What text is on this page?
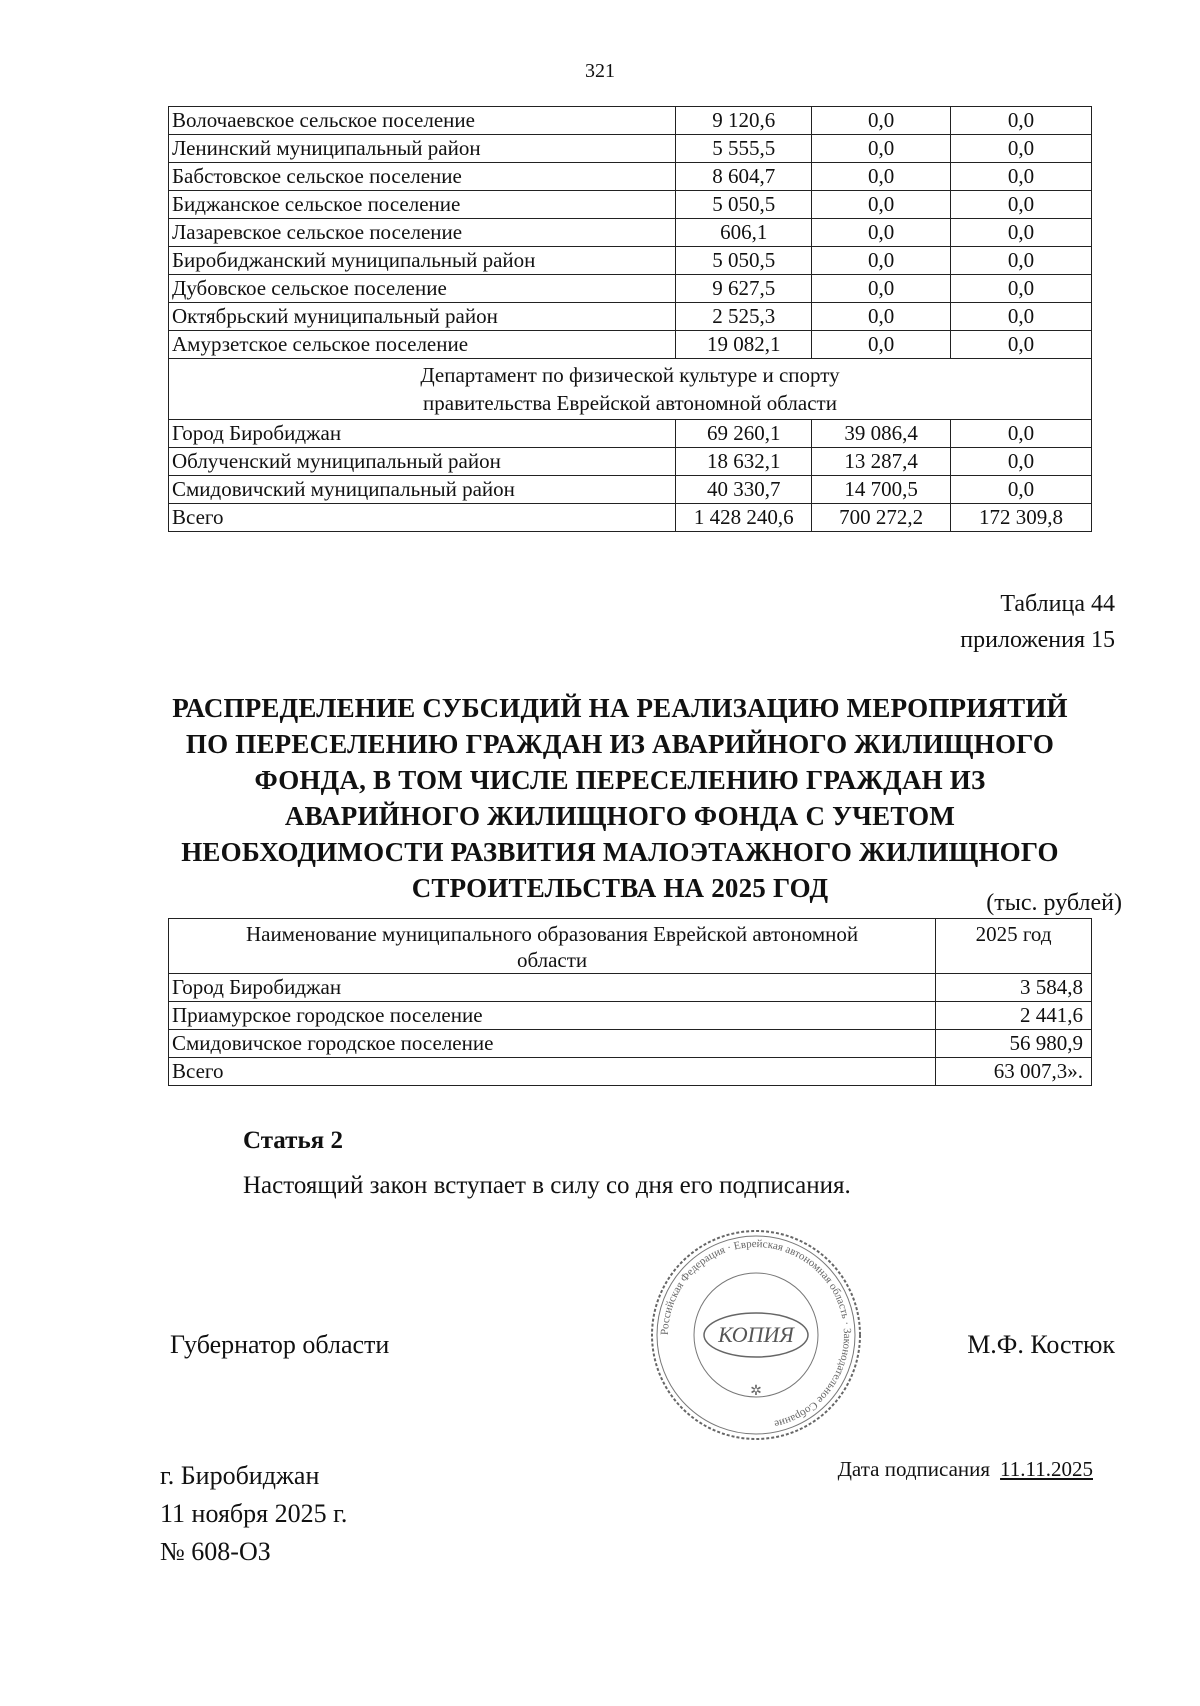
321
Волочаевское сельское поселение	9 120,6	0,0	0,0
Ленинский муниципальный район	5 555,5	0,0	0,0
Бабстовское сельское поселение	8 604,7	0,0	0,0
Биджанское сельское поселение	5 050,5	0,0	0,0
Лазаревское сельское поселение	606,1	0,0	0,0
Биробиджанский муниципальный район	5 050,5	0,0	0,0
Дубовское сельское поселение	9 627,5	0,0	0,0
Октябрьский муниципальный район	2 525,3	0,0	0,0
Амурзетское сельское поселение	19 082,1	0,0	0,0

Департамент по физической культуре и спорту
правительства Еврейской автономной области			

Город Биробиджан	69 260,1	39 086,4	0,0
Облученский муниципальный район	18 632,1	13 287,4	0,0
Смидовичский муниципальный район	40 330,7	14 700,5	0,0
Всего	1 428 240,6	700 272,2	172 309,8
Таблица 44
приложения 15
РАСПРЕДЕЛЕНИЕ СУБСИДИЙ НА РЕАЛИЗАЦИЮ МЕРОПРИЯТИЙ
ПО ПЕРЕСЕЛЕНИЮ ГРАЖДАН ИЗ АВАРИЙНОГО ЖИЛИЩНОГО
ФОНДА, В ТОМ ЧИСЛЕ ПЕРЕСЕЛЕНИЮ ГРАЖДАН ИЗ
АВАРИЙНОГО ЖИЛИЩНОГО ФОНДА С УЧЕТОМ
НЕОБХОДИМОСТИ РАЗВИТИЯ МАЛОЭТАЖНОГО ЖИЛИЩНОГО
СТРОИТЕЛЬСТВА НА 2025 ГОД	(тыс. рублей)
Наименование муниципального образования Еврейской автономной
области	2025 год
Город Биробиджан	3 584,8
Приамурское городское поселение	2 441,6
Смидовичское городское поселение	56 980,9
Всего	63 007,3».
Статья 2
Настоящий закон вступает в силу со дня его подписания.
Губернатор области	Российская Федерация · Еврейская автономная область · Законодательное Собрание
КОПИЯ
✲
М.Ф. Костюк
г. Биробиджан
11 ноября 2025 г.
№ 608-ОЗ
Дата подписания 11.11.2025
